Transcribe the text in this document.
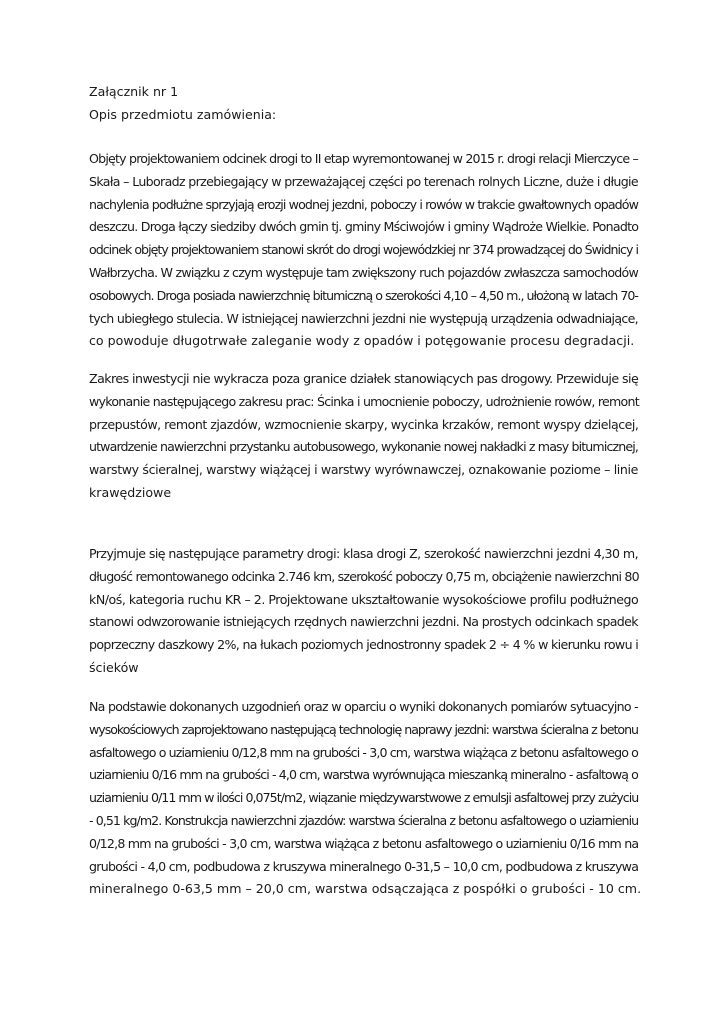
Załącznik nr 1

Opis przedmiotu zamówienia:

Objęty projektowaniem odcinek drogi to II etap wyremontowanej w 2015 r. drogi relacji Mierczyce –
Skała – Luboradz przebiegający w przeważającej części po terenach rolnych Liczne, duże i długie
nachylenia podłużne sprzyjają erozji wodnej jezdni, poboczy i rowów w trakcie gwałtownych opadów
deszczu. Droga łączy siedziby dwóch gmin tj. gminy Mściwojów i gminy Wądroże Wielkie. Ponadto
odcinek objęty projektowaniem stanowi skrót do drogi wojewódzkiej nr 374 prowadzącej do Świdnicy i
Wałbrzycha. W związku z czym występuje tam zwiększony ruch pojazdów zwłaszcza samochodów
osobowych. Droga posiada nawierzchnię bitumiczną o szerokości 4,10 – 4,50 m., ułożoną w latach 70-
tych ubiegłego stulecia. W istniejącej nawierzchni jezdni nie występują urządzenia odwadniające,
co powoduje długotrwałe zaleganie wody z opadów i potęgowanie procesu degradacji.
Zakres inwestycji nie wykracza poza granice działek stanowiących pas drogowy. Przewiduje się
wykonanie następującego zakresu prac: Ścinka i umocnienie poboczy, udrożnienie rowów, remont
przepustów, remont zjazdów, wzmocnienie skarpy, wycinka krzaków, remont wyspy dzielącej,
utwardzenie nawierzchni przystanku autobusowego, wykonanie nowej nakładki z masy bitumicznej,
warstwy ścieralnej, warstwy wiążącej i warstwy wyrównawczej, oznakowanie poziome – linie
krawędziowe
Przyjmuje się następujące parametry drogi: klasa drogi Z, szerokość nawierzchni jezdni 4,30 m,
długość remontowanego odcinka 2.746 km, szerokość poboczy 0,75 m, obciążenie nawierzchni 80
kN/oś, kategoria ruchu KR – 2. Projektowane ukształtowanie wysokościowe profilu podłużnego
stanowi odwzorowanie istniejących rzędnych nawierzchni jezdni. Na prostych odcinkach spadek
poprzeczny daszkowy 2%, na łukach poziomych jednostronny spadek 2 ÷ 4 % w kierunku rowu i
ścieków
Na podstawie dokonanych uzgodnień oraz w oparciu o wyniki dokonanych pomiarów sytuacyjno -
wysokościowych zaprojektowano następującą technologię naprawy jezdni: warstwa ścieralna z betonu
asfaltowego o uziarnieniu 0/12,8 mm na grubości - 3,0 cm, warstwa wiążąca z betonu asfaltowego o
uziarnieniu 0/16 mm na grubości - 4,0 cm, warstwa wyrównująca mieszanką mineralno - asfaltową o
uziarnieniu 0/11 mm w ilości 0,075t/m2, wiązanie międzywarstwowe z emulsji asfaltowej przy zużyciu
- 0,51 kg/m2. Konstrukcja nawierzchni zjazdów: warstwa ścieralna z betonu asfaltowego o uziarnieniu
0/12,8 mm na grubości - 3,0 cm, warstwa wiążąca z betonu asfaltowego o uziarnieniu 0/16 mm na
grubości - 4,0 cm, podbudowa z kruszywa mineralnego 0-31,5 – 10,0 cm, podbudowa z kruszywa
mineralnego 0-63,5 mm – 20,0 cm, warstwa odsączająca z pospółki o grubości - 10 cm.
